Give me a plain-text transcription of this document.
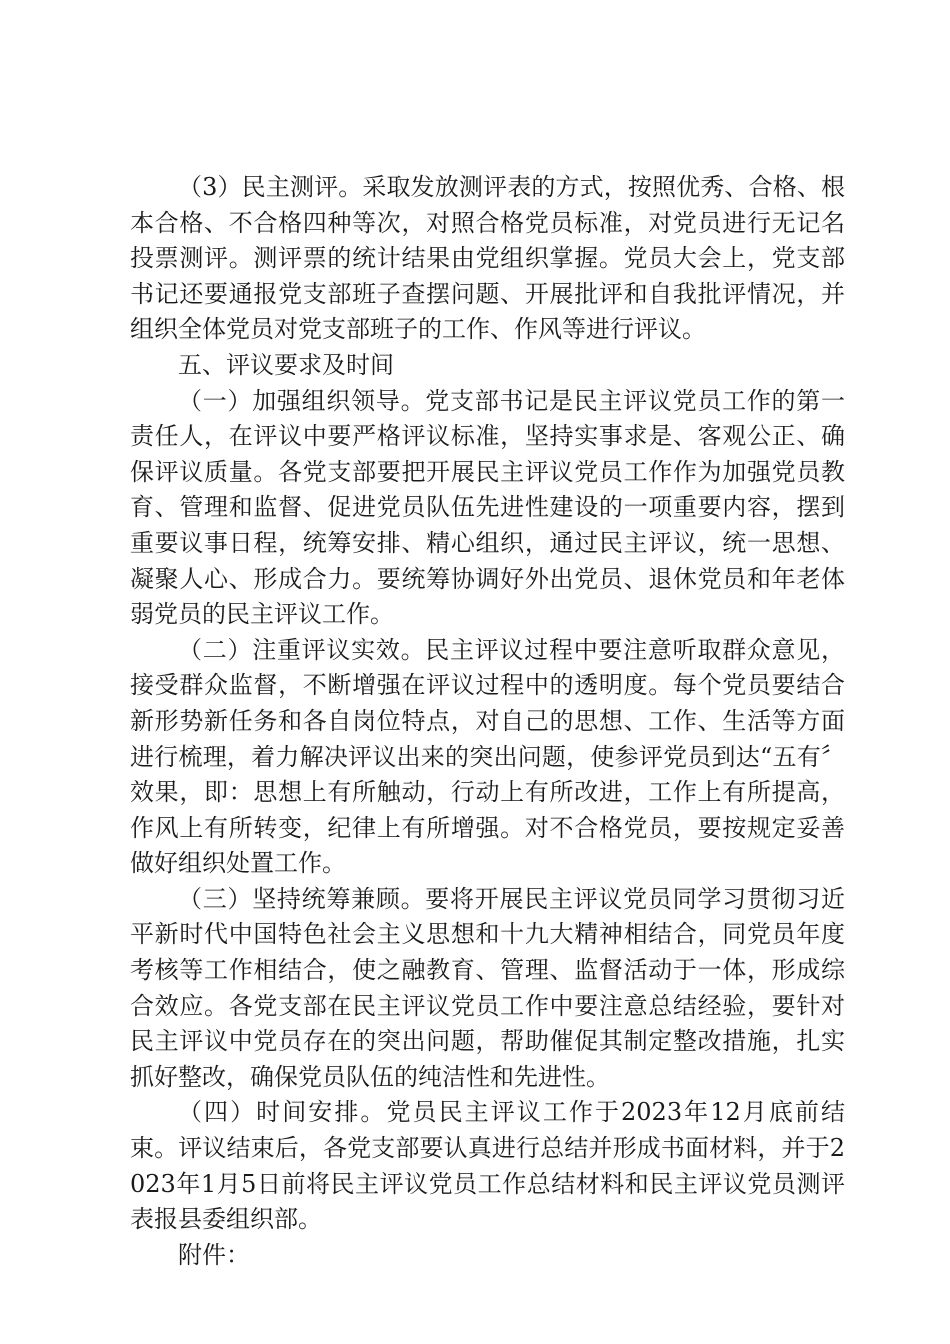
（3）民主测评。采取发放测评表的方式，按照优秀、合格、根本合格、不合格四种等次，对照合格党员标准，对党员进行无记名投票测评。测评票的统计结果由党组织掌握。党员大会上，党支部书记还要通报党支部班子查摆问题、开展批评和自我批评情况，并组织全体党员对党支部班子的工作、作风等进行评议。

五、评议要求及时间

（一）加强组织领导。党支部书记是民主评议党员工作的第一责任人，在评议中要严格评议标准，坚持实事求是、客观公正、确保评议质量。各党支部要把开展民主评议党员工作作为加强党员教育、管理和监督、促进党员队伍先进性建设的一项重要内容，摆到重要议事日程，统筹安排、精心组织，通过民主评议，统一思想、凝聚人心、形成合力。要统筹协调好外出党员、退休党员和年老体弱党员的民主评议工作。

（二）注重评议实效。民主评议过程中要注意听取群众意见，接受群众监督，不断增强在评议过程中的透明度。每个党员要结合新形势新任务和各自岗位特点，对自己的思想、工作、生活等方面进行梳理，着力解决评议出来的突出问题，使参评党员到达“五有〞效果，即：思想上有所触动，行动上有所改进，工作上有所提高，作风上有所转变，纪律上有所增强。对不合格党员，要按规定妥善做好组织处置工作。

（三）坚持统筹兼顾。要将开展民主评议党员同学习贯彻习近平新时代中国特色社会主义思想和十九大精神相结合，同党员年度考核等工作相结合，使之融教育、管理、监督活动于一体，形成综合效应。各党支部在民主评议党员工作中要注意总结经验，要针对民主评议中党员存在的突出问题，帮助催促其制定整改措施，扎实抓好整改，确保党员队伍的纯洁性和先进性。

（四）时间安排。党员民主评议工作于2023年12月底前结束。评议结束后，各党支部要认真进行总结并形成书面材料，并于2023年1月5日前将民主评议党员工作总结材料和民主评议党员测评表报县委组织部。

附件：
